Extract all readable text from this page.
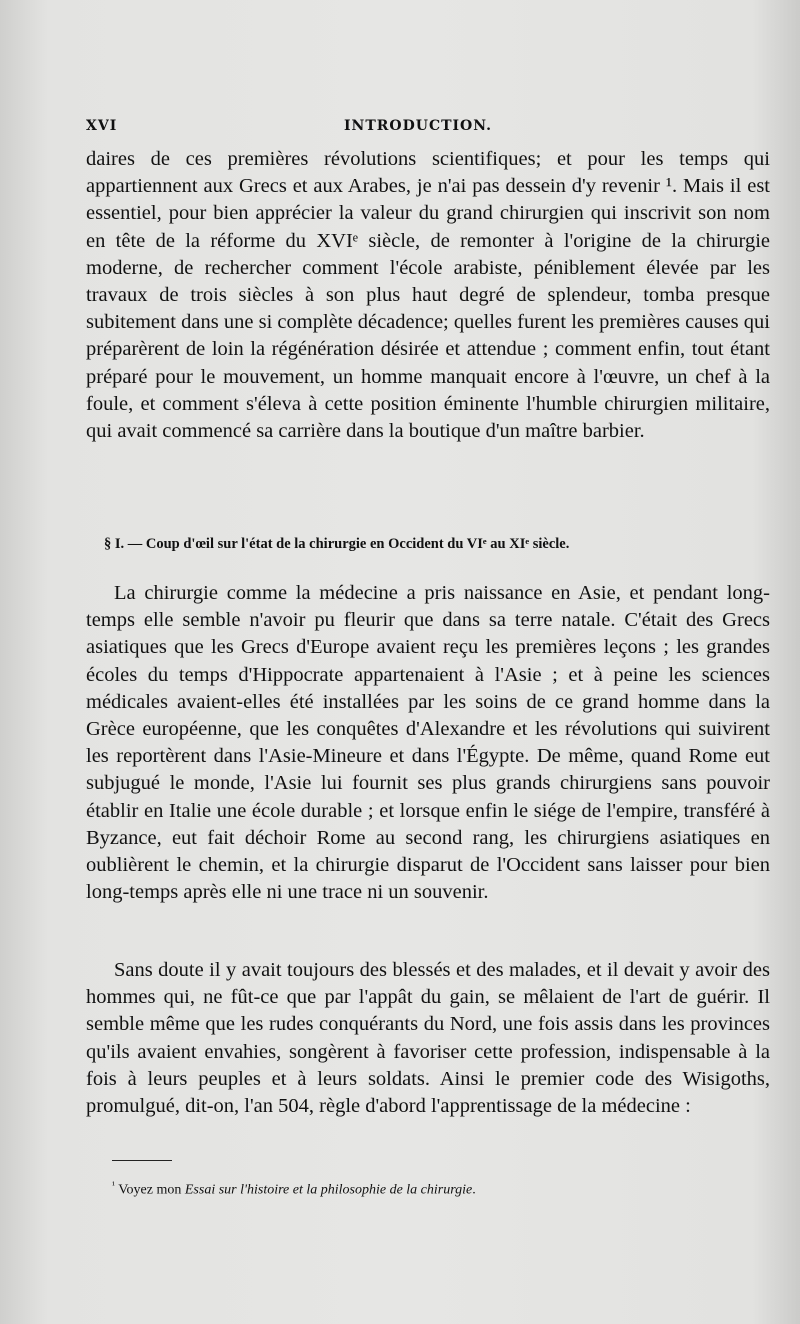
XVI	INTRODUCTION.

daires de ces premières révolutions scientifiques; et pour les temps qui appartiennent aux Grecs et aux Arabes, je n'ai pas dessein d'y revenir ¹. Mais il est essentiel, pour bien apprécier la valeur du grand chirurgien qui inscrivit son nom en tête de la réforme du XVIᵉ siècle, de remonter à l'origine de la chirurgie moderne, de rechercher comment l'école arabiste, péniblement élevée par les travaux de trois siècles à son plus haut degré de splendeur, tomba presque subitement dans une si complète décadence; quelles furent les premières causes qui préparèrent de loin la régénération désirée et attendue ; comment enfin, tout étant préparé pour le mouvement, un homme manquait encore à l'œuvre, un chef à la foule, et comment s'éleva à cette position éminente l'humble chirurgien militaire, qui avait commencé sa carrière dans la boutique d'un maître barbier.

§ I. — Coup d'œil sur l'état de la chirurgie en Occident du VIᵉ au XIᵉ siècle.

La chirurgie comme la médecine a pris naissance en Asie, et pendant long-temps elle semble n'avoir pu fleurir que dans sa terre natale. C'était des Grecs asiatiques que les Grecs d'Europe avaient reçu les premières leçons ; les grandes écoles du temps d'Hippocrate appartenaient à l'Asie ; et à peine les sciences médicales avaient-elles été installées par les soins de ce grand homme dans la Grèce européenne, que les conquêtes d'Alexandre et les révolutions qui suivirent les reportèrent dans l'Asie-Mineure et dans l'Égypte. De même, quand Rome eut subjugué le monde, l'Asie lui fournit ses plus grands chirurgiens sans pouvoir établir en Italie une école durable ; et lorsque enfin le siége de l'empire, transféré à Byzance, eut fait déchoir Rome au second rang, les chirurgiens asiatiques en oublièrent le chemin, et la chirurgie disparut de l'Occident sans laisser pour bien long-temps après elle ni une trace ni un souvenir.

Sans doute il y avait toujours des blessés et des malades, et il devait y avoir des hommes qui, ne fût-ce que par l'appât du gain, se mêlaient de l'art de guérir. Il semble même que les rudes conquérants du Nord, une fois assis dans les provinces qu'ils avaient envahies, songèrent à favoriser cette profession, indispensable à la fois à leurs peuples et à leurs soldats. Ainsi le premier code des Wisigoths, promulgué, dit-on, l'an 504, règle d'abord l'apprentissage de la médecine :

$^{^1}$ Voyez mon Essai sur l'histoire et la philosophie de la chirurgie.
